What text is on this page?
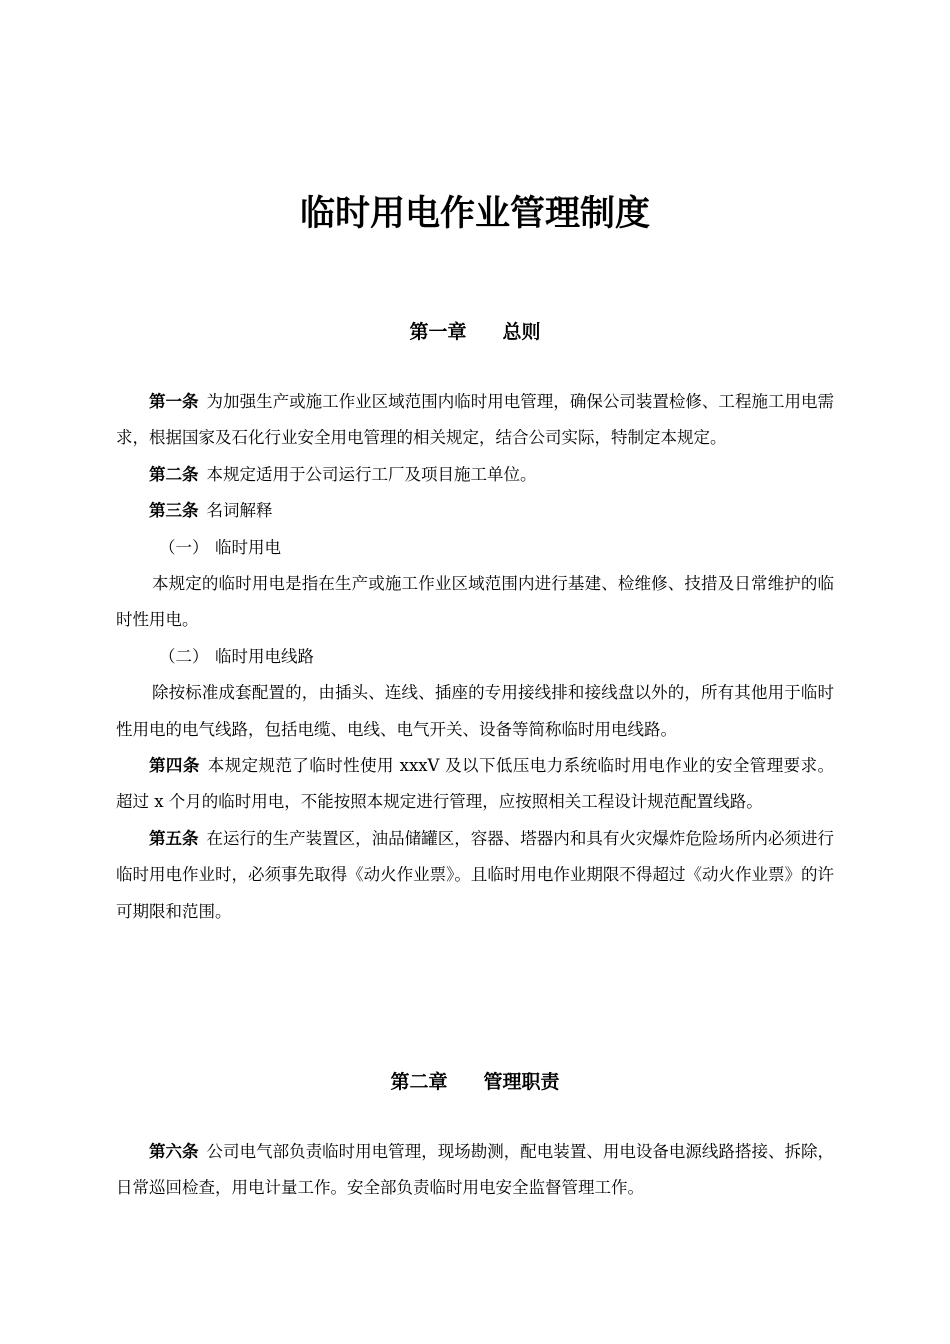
临时用电作业管理制度
第一章 总则

第一条 为加强生产或施工作业区域范围内临时用电管理，确保公司装置检修、工程施工用电需求，根据国家及石化行业安全用电管理的相关规定，结合公司实际，特制定本规定。

第二条 本规定适用于公司运行工厂及项目施工单位。

第三条 名词解释

（一） 临时用电

本规定的临时用电是指在生产或施工作业区域范围内进行基建、检维修、技措及日常维护的临时性用电。

（二） 临时用电线路

除按标准成套配置的，由插头、连线、插座的专用接线排和接线盘以外的，所有其他用于临时性用电的电气线路，包括电缆、电线、电气开关、设备等简称临时用电线路。

第四条 本规定规范了临时性使用 xxxV 及以下低压电力系统临时用电作业的安全管理要求。超过 x 个月的临时用电，不能按照本规定进行管理，应按照相关工程设计规范配置线路。

第五条 在运行的生产装置区，油品储罐区，容器、塔器内和具有火灾爆炸危险场所内必须进行临时用电作业时，必须事先取得《动火作业票》。且临时用电作业期限不得超过《动火作业票》的许可期限和范围。

第二章 管理职责

第六条 公司电气部负责临时用电管理，现场勘测，配电装置、用电设备电源线路搭接、拆除，日常巡回检查，用电计量工作。安全部负责临时用电安全监督管理工作。
